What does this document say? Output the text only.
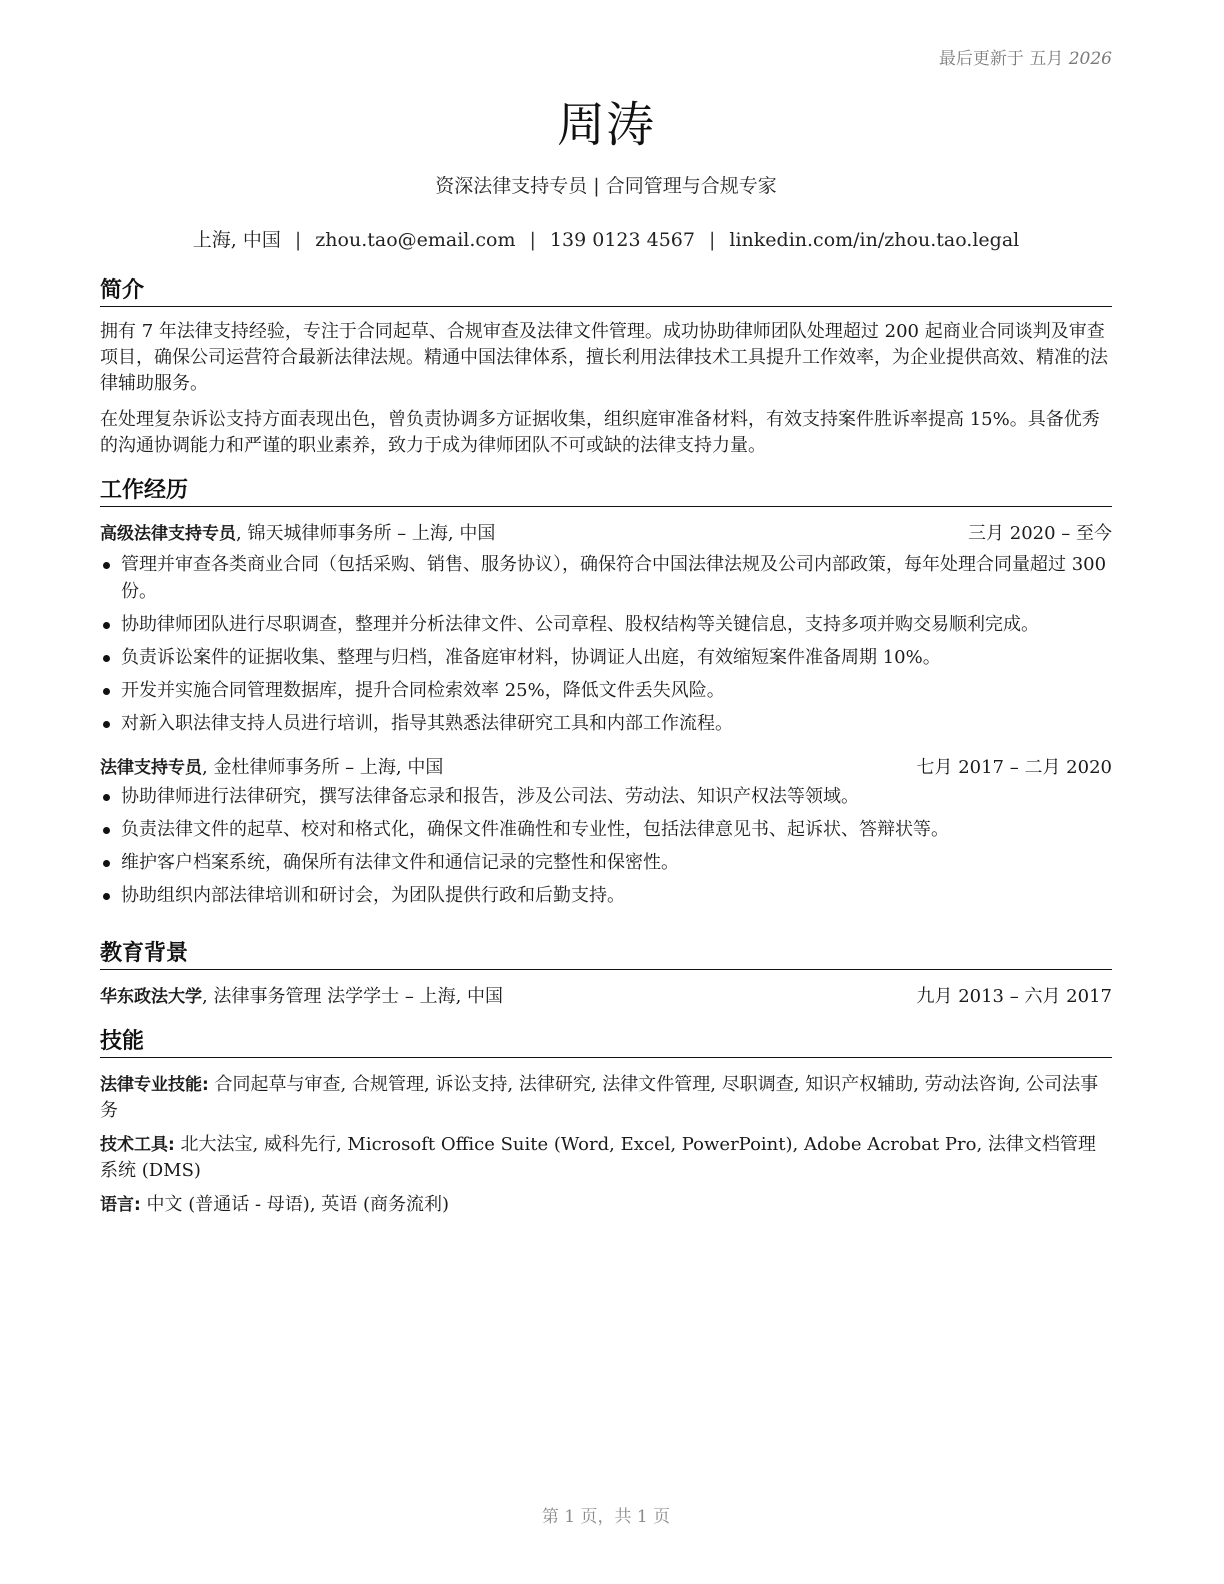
最后更新于 五月 2026
周涛
资深法律支持专员 | 合同管理与合规专家
上海, 中国 | zhou.tao@email.com | 139 0123 4567 | linkedin.com/in/zhou.tao.legal
简介

拥有 7 年法律支持经验，专注于合同起草、合规审查及法律文件管理。成功协助律师团队处理超过 200 起商业合同谈判及审查项目，确保公司运营符合最新法律法规。精通中国法律体系，擅长利用法律技术工具提升工作效率，为企业提供高效、精准的法律辅助服务。

在处理复杂诉讼支持方面表现出色，曾负责协调多方证据收集，组织庭审准备材料，有效支持案件胜诉率提高 15%。具备优秀的沟通协调能力和严谨的职业素养，致力于成为律师团队不可或缺的法律支持力量。

工作经历
高级法律支持专员, 锦天城律师事务所 – 上海, 中国	三月 2020 – 至今
管理并审查各类商业合同（包括采购、销售、服务协议），确保符合中国法律法规及公司内部政策，每年处理合同量超过 300 份。
协助律师团队进行尽职调查，整理并分析法律文件、公司章程、股权结构等关键信息，支持多项并购交易顺利完成。
负责诉讼案件的证据收集、整理与归档，准备庭审材料，协调证人出庭，有效缩短案件准备周期 10%。
开发并实施合同管理数据库，提升合同检索效率 25%，降低文件丢失风险。
对新入职法律支持人员进行培训，指导其熟悉法律研究工具和内部工作流程。
法律支持专员, 金杜律师事务所 – 上海, 中国	七月 2017 – 二月 2020
协助律师进行法律研究，撰写法律备忘录和报告，涉及公司法、劳动法、知识产权法等领域。
负责法律文件的起草、校对和格式化，确保文件准确性和专业性，包括法律意见书、起诉状、答辩状等。
维护客户档案系统，确保所有法律文件和通信记录的完整性和保密性。
协助组织内部法律培训和研讨会，为团队提供行政和后勤支持。
教育背景
华东政法大学, 法律事务管理 法学学士 – 上海, 中国	九月 2013 – 六月 2017
技能

法律专业技能: 合同起草与审查, 合规管理, 诉讼支持, 法律研究, 法律文件管理, 尽职调查, 知识产权辅助, 劳动法咨询, 公司法事务

技术工具: 北大法宝, 威科先行, Microsoft Office Suite (Word, Excel, PowerPoint), Adobe Acrobat Pro, 法律文档管理系统 (DMS)

语言: 中文 (普通话 - 母语), 英语 (商务流利)

第 1 页，共 1 页
